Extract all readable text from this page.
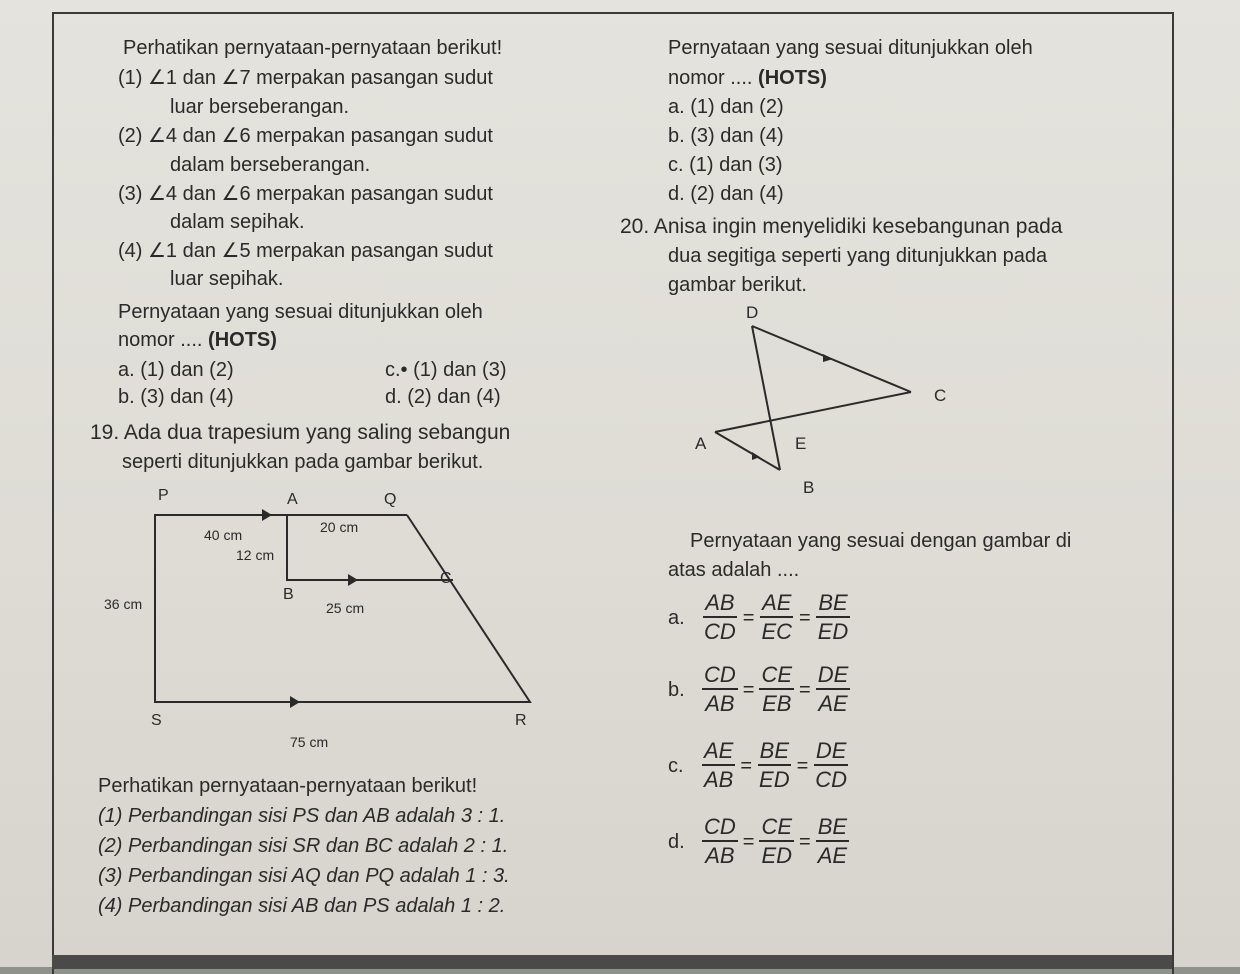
Perhatikan pernyataan-pernyataan berikut!
(1) ∠1 dan ∠7 merpakan pasangan sudut
luar berseberangan.
(2) ∠4 dan ∠6 merpakan pasangan sudut
dalam berseberangan.
(3) ∠4 dan ∠6 merpakan pasangan sudut
dalam sepihak.
(4) ∠1 dan ∠5 merpakan pasangan sudut
luar sepihak.
Pernyataan yang sesuai ditunjukkan oleh
nomor .... (HOTS)
a. (1) dan (2)	c.• (1) dan (3)
b. (3) dan (4)	d. (2) dan (4)
19. Ada dua trapesium yang saling sebangun
seperti ditunjukkan pada gambar berikut.
P	A	Q
B
C
S	R
40 cm	20 cm
12 cm
36 cm	25 cm
75 cm
Perhatikan pernyataan-pernyataan berikut!
(1) Perbandingan sisi PS dan AB adalah 3 : 1.
(2) Perbandingan sisi SR dan BC adalah 2 : 1.
(3) Perbandingan sisi AQ dan PQ adalah 1 : 3.
(4) Perbandingan sisi AB dan PS adalah 1 : 2.
Pernyataan yang sesuai ditunjukkan oleh
nomor .... (HOTS)
a. (1) dan (2)
b. (3) dan (4)
c. (1) dan (3)
d. (2) dan (4)
20. Anisa ingin menyelidiki kesebangunan pada
dua segitiga seperti yang ditunjukkan pada
gambar berikut.
D
C
A	E
B
Pernyataan yang sesuai dengan gambar di
atas adalah ....
a. $\frac{AB}{CD} = \frac{AE}{EC} = \frac{BE}{ED}$
b. $\frac{CD}{AB} = \frac{CE}{EB} = \frac{DE}{AE}$
c. $\frac{AE}{AB} = \frac{BE}{ED} = \frac{DE}{CD}$
d. $\frac{CD}{AB} = \frac{CE}{ED} = \frac{BE}{AE}$
